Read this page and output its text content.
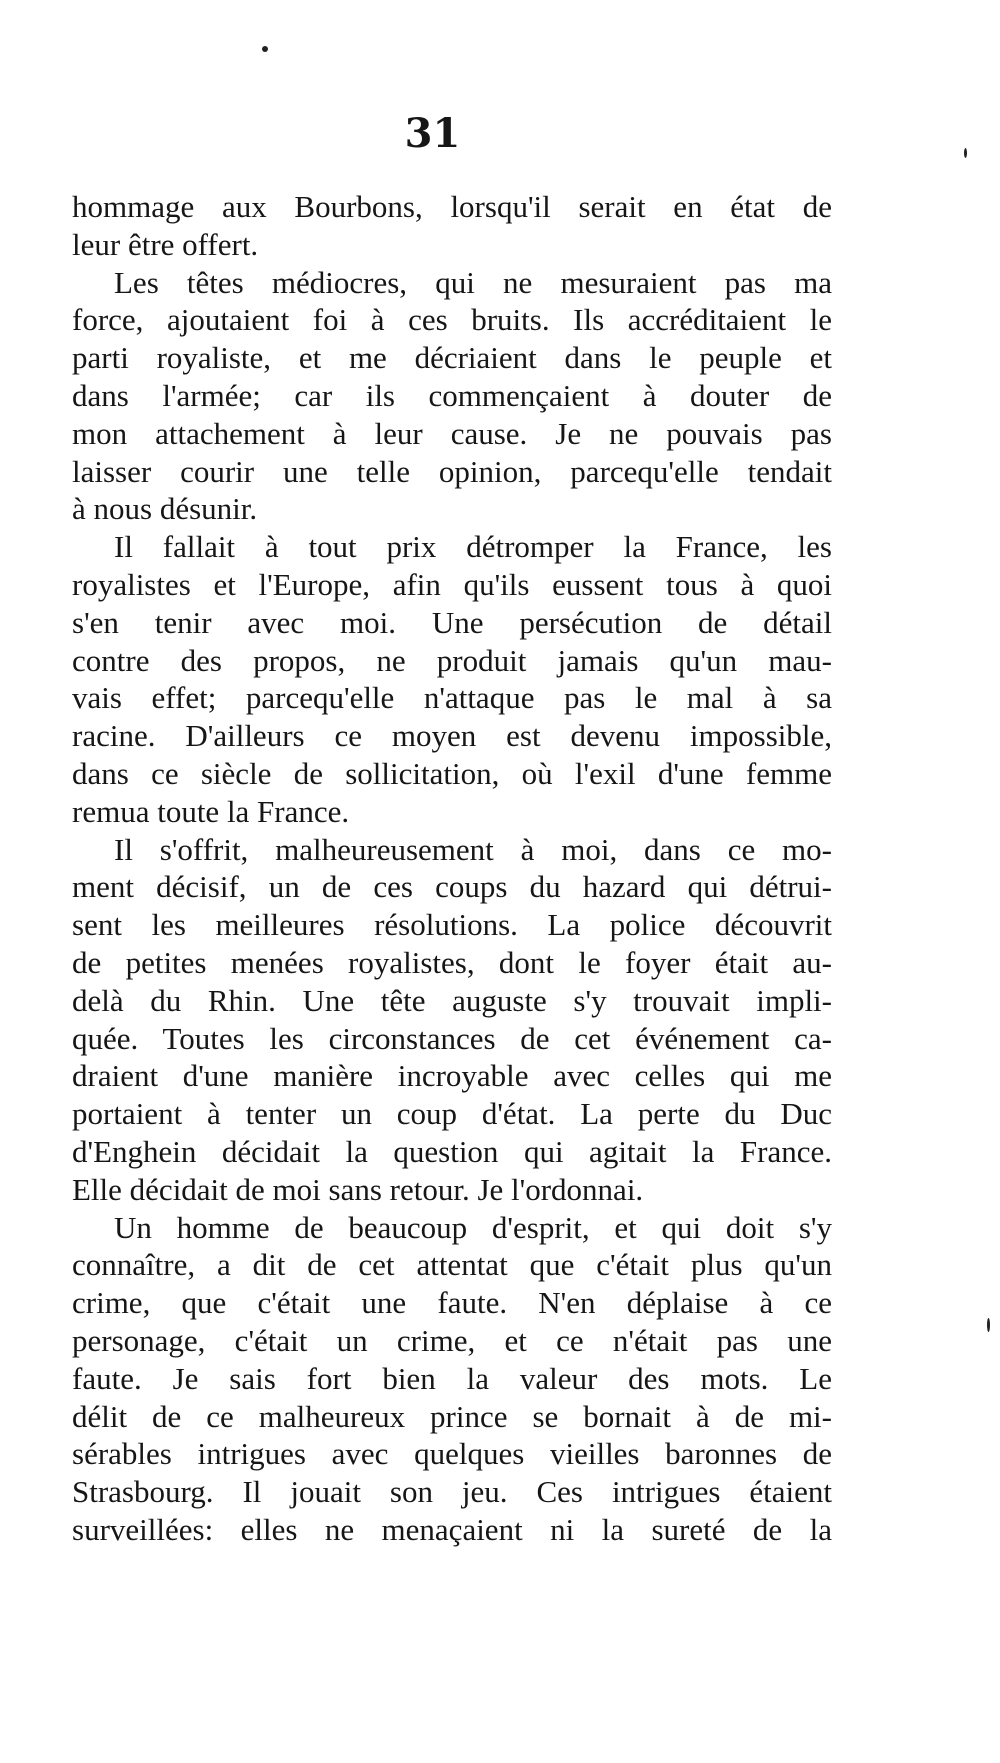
31
hommage aux Bourbons, lorsqu'il serait en état de
leur être offert.
Les têtes médiocres, qui ne mesuraient pas ma
force, ajoutaient foi à ces bruits. Ils accréditaient le
parti royaliste, et me décriaient dans le peuple et
dans l'armée; car ils commençaient à douter de
mon attachement à leur cause. Je ne pouvais pas
laisser courir une telle opinion, parcequ'elle tendait
à nous désunir.
Il fallait à tout prix détromper la France, les
royalistes et l'Europe, afin qu'ils eussent tous à quoi
s'en tenir avec moi. Une persécution de détail
contre des propos, ne produit jamais qu'un mau-
vais effet; parcequ'elle n'attaque pas le mal à sa
racine. D'ailleurs ce moyen est devenu impossible,
dans ce siècle de sollicitation, où l'exil d'une femme
remua toute la France.
Il s'offrit, malheureusement à moi, dans ce mo-
ment décisif, un de ces coups du hazard qui détrui-
sent les meilleures résolutions. La police découvrit
de petites menées royalistes, dont le foyer était au-
delà du Rhin. Une tête auguste s'y trouvait impli-
quée. Toutes les circonstances de cet événement ca-
draient d'une manière incroyable avec celles qui me
portaient à tenter un coup d'état. La perte du Duc
d'Enghein décidait la question qui agitait la France.
Elle décidait de moi sans retour. Je l'ordonnai.
Un homme de beaucoup d'esprit, et qui doit s'y
connaître, a dit de cet attentat que c'était plus qu'un
crime, que c'était une faute. N'en déplaise à ce
personage, c'était un crime, et ce n'était pas une
faute. Je sais fort bien la valeur des mots. Le
délit de ce malheureux prince se bornait à de mi-
sérables intrigues avec quelques vieilles baronnes de
Strasbourg. Il jouait son jeu. Ces intrigues étaient
surveillées: elles ne menaçaient ni la sureté de la
